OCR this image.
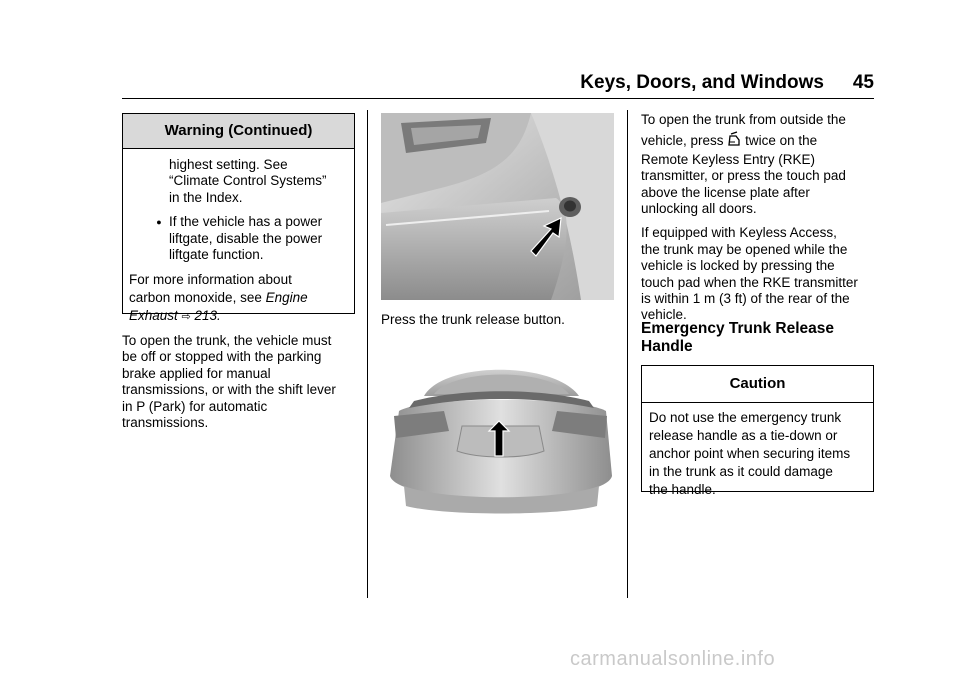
Keys, Doors, and Windows 45
Warning (Continued)
highest setting. See
“Climate Control Systems”
in the Index.
● If the vehicle has a power
liftgate, disable the power
liftgate function.
For more information about
carbon monoxide, see Engine
Exhaust ⇨ 213.
To open the trunk, the vehicle must
be off or stopped with the parking
brake applied for manual
transmissions, or with the shift lever
in P (Park) for automatic
transmissions.
Press the trunk release button.
To open the trunk from outside the
vehicle, press twice on the
Remote Keyless Entry (RKE)
transmitter, or press the touch pad
above the license plate after
unlocking all doors.
If equipped with Keyless Access,
the trunk may be opened while the
vehicle is locked by pressing the
touch pad when the RKE transmitter
is within 1 m (3 ft) of the rear of the
vehicle.
Emergency Trunk Release
Handle
Caution
Do not use the emergency trunk
release handle as a tie-down or
anchor point when securing items
in the trunk as it could damage
the handle.
carmanualsonline.info
